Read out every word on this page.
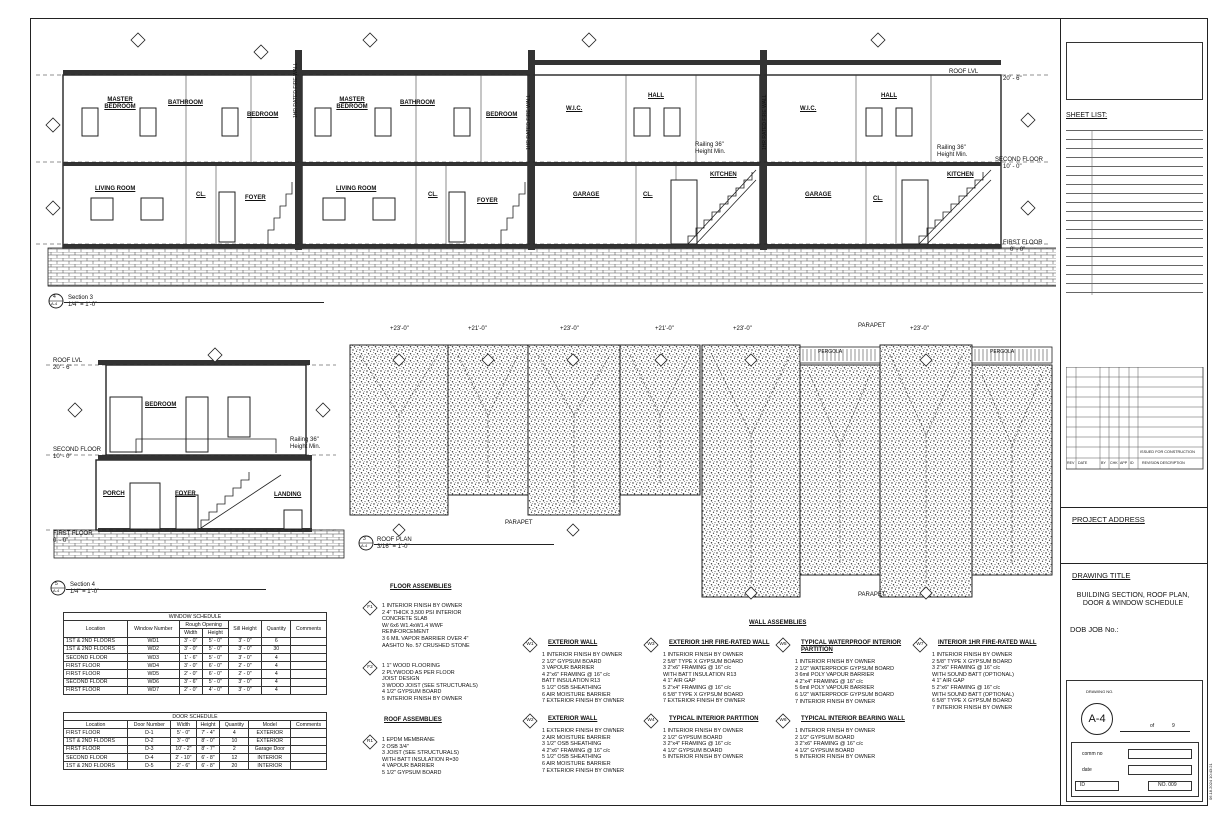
ROOF LVL
20' - 6"
SECOND FLOOR
10' - 0"
FIRST FLOOR
0' - 0"
MASTER BEDROOM
BATHROOM
BEDROOM
MASTER BEDROOM
BATHROOM
BEDROOM
W.I.C.
HALL
W.I.C.
HALL
LIVING ROOM
CL.	FOYER
LIVING ROOM
CL.
FOYER
GARAGE	CL.
KITCHEN
GARAGE
CL.
KITCHEN
Railing 36" Height Min.
Railing 36" Height Min.
1HR RATED FIRE WALL
1HR RATED FIRE WALL	1HR RATED FIRE WALL
4
A-4
Section 3
1/4" = 1'-0"
ROOF LVL
20' - 6"
SECOND FLOOR
10' - 0"
FIRST FLOOR
0' - 0"
BEDROOM
PORCH	FOYER	LANDING
Railing 36" Height Min.
5
A-4
Section 4
1/4" = 1'-0"
+23'-0"	+21'-0"	+23'-0"	+21'-0"	+23'-0"	+23'-0"
PARAPET
PARAPET
PARAPET
PERGOLA	PERGOLA
3
A-4
ROOF PLAN
3/16" = 1'-0"
WINDOW SCHEDULE						
Location	Window Number	Rough Opening		Sill Height	Quantity	Comments
		Width	Height			
1ST & 2ND FLOORS	WD1	3' - 0"	5' - 0"	3' - 0"	6	
1ST & 2ND FLOORS	WD2	3' - 0"	5' - 0"	3' - 0"	30	
SECOND FLOOR	WD3	1' - 6"	5' - 0"	3' - 0"	4	
FIRST FLOOR	WD4	3' - 0"	6' - 0"	2' - 0"	4	
FIRST FLOOR	WD5	2' - 0"	6' - 0"	2' - 0"	4	
SECOND FLOOR	WD6	3' - 6"	5' - 0"	3' - 0"	4	
FIRST FLOOR	WD7	2' - 0"	4' - 0"	3' - 0"	4	
DOOR SCHEDULE						
Location	Door Number	Width	Height	Quantity	Model	Comments
FIRST FLOOR	D-1	5' - 0"	7' - 4"	4	EXTERIOR	
1ST & 2ND FLOORS	D-2	3' - 0"	8' - 0"	10	EXTERIOR	
FIRST FLOOR	D-3	10' - 2"	8' - 7"	2	Garage Door	
SECOND FLOOR	D-4	2' - 10"	6' - 8"	12	INTERIOR	
1ST & 2ND FLOORS	D-5	2' - 6"	6' - 8"	20	INTERIOR	
FLOOR ASSEMBLIES
ROOF ASSEMBLIES
WALL ASSEMBLIES
F1	1 INTERIOR FINISH BY OWNER
2 4" THICK 3,500 PSI INTERIOR
CONCRETE SLAB
W/ 6x6 W1.4xW1.4 WWF
REINFORCEMENT
3 6 MIL VAPOR BARRIER OVER 4"
AASHTO No. 57 CRUSHED STONE
F2	1 1" WOOD FLOORING
2 PLYWOOD AS PER FLOOR
JOIST DESIGN
3 WOOD JOIST (SEE STRUCTURALS)
4 1/2" GYPSUM BOARD
5 INTERIOR FINISH BY OWNER
R1	1 EPDM MEMBRANE
2 OSB 3/4"
3 JOIST (SEE STRUCTURALS)
WITH BATT INSULATION R=30
4 VAPOUR BARRIER
5 1/2" GYPSUM BOARD
W1	EXTERIOR WALL
1 INTERIOR FINISH BY OWNER
2 1/2" GYPSUM BOARD
3 VAPOUR BARRIER
4 2"x6" FRAMING @ 16" c/c
BATT INSULATION R13
5 1/2" OSB SHEATHING
6 AIR MOISTURE BARRIER
7 EXTERIOR FINISH BY OWNER
W3	EXTERIOR 1HR FIRE-RATED WALL
1 INTERIOR FINISH BY OWNER
2 5/8" TYPE X GYPSUM BOARD
3 2"x6" FRAMING @ 16" c/c
WITH BATT INSULATION R13
4 1" AIR GAP
5 2"x4" FRAMING @ 16" c/c
6 5/8" TYPE X GYPSUM BOARD
7 EXTERIOR FINISH BY OWNER
W5	TYPICAL WATERPROOF INTERIOR PARTITION
1 INTERIOR FINISH BY OWNER
2 1/2" WATERPROOF GYPSUM BOARD
3 6mil POLY VAPOUR BARRIER
4 2"x4" FRAMING @ 16" c/c
5 6mil POLY VAPOUR BARRIER
6 1/2" WATERPROOF GYPSUM BOARD
7 INTERIOR FINISH BY OWNER
W7	INTERIOR 1HR FIRE-RATED WALL
1 INTERIOR FINISH BY OWNER
2 5/8" TYPE X GYPSUM BOARD
3 2"x6" FRAMING @ 16" c/c
WITH SOUND BATT (OPTIONAL)
4 1" AIR GAP
5 2"x6" FRAMING @ 16" c/c
WITH SOUND BATT (OPTIONAL)
6 5/8" TYPE X GYPSUM BOARD
7 INTERIOR FINISH BY OWNER
W2	EXTERIOR WALL
1 EXTERIOR FINISH BY OWNER
2 AIR MOISTURE BARRIER
3 1/2" OSB SHEATHING
4 2"x6" FRAMING @ 16" c/c
5 1/2" OSB SHEATHING
6 AIR MOISTURE BARRIER
7 EXTERIOR FINISH BY OWNER
W4	TYPICAL INTERIOR PARTITION
1 INTERIOR FINISH BY OWNER
2 1/2" GYPSUM BOARD
3 2"x4" FRAMING @ 16" c/c
4 1/2" GYPSUM BOARD
5 INTERIOR FINISH BY OWNER
W6	TYPICAL INTERIOR BEARING WALL
1 INTERIOR FINISH BY OWNER
2 1/2" GYPSUM BOARD
3 2"x6" FRAMING @ 16" c/c
4 1/2" GYPSUM BOARD
5 INTERIOR FINISH BY OWNER
SHEET LIST:
REV DATE	BY CHK APP ID REVISION DESCRIPTION
ISSUED FOR CONSTRUCTION
PROJECT ADDRESS
DRAWING TITLE
BUILDING SECTION, ROOF PLAN, DOOR & WINDOW SCHEDULE
DOB JOB No.:
DRAWING NO.
A-4
of	9
comm no
date
ID	NO. 009	06.18.2024 10:43:21
